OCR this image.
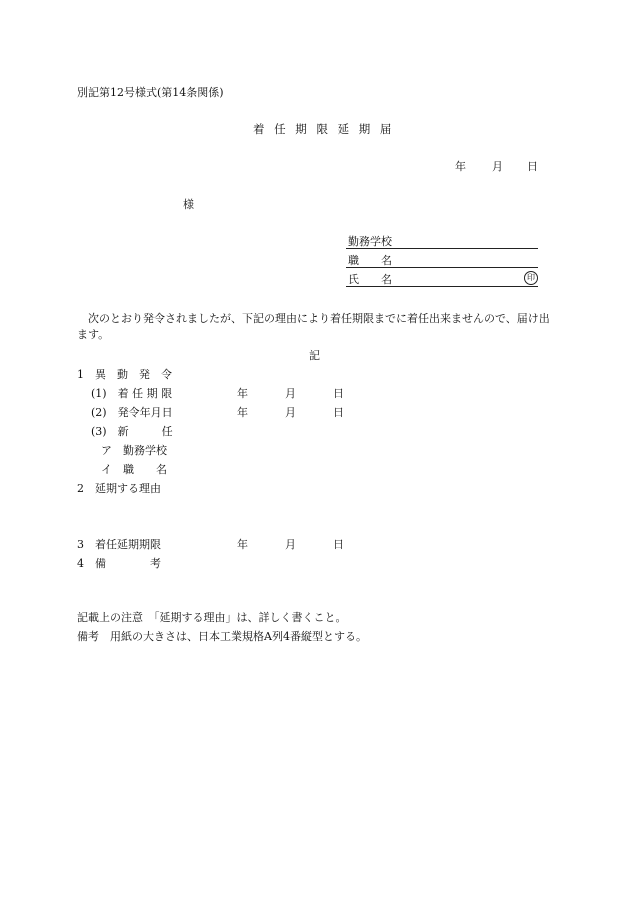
別記第12号様式(第14条関係)
着 任 期 限 延 期 届
年 月 日
様
勤務学校
職　　名
氏　　名	印
　次のとおり発令されましたが、下記の理由により着任期限までに着任出来ませんので、届け出ます。
記
1　異　動　発　令
(1)　着 任 期 限	年	月	日
(2)　発令年月日	年	月	日
(3)　新　　　任
ア　勤務学校
イ　職　　名
2　延期する理由
3　着任延期期限	年	月	日
4　備　　　　考
記載上の注意　「延期する理由」は、詳しく書くこと。
備考　用紙の大きさは、日本工業規格A列4番縦型とする。
